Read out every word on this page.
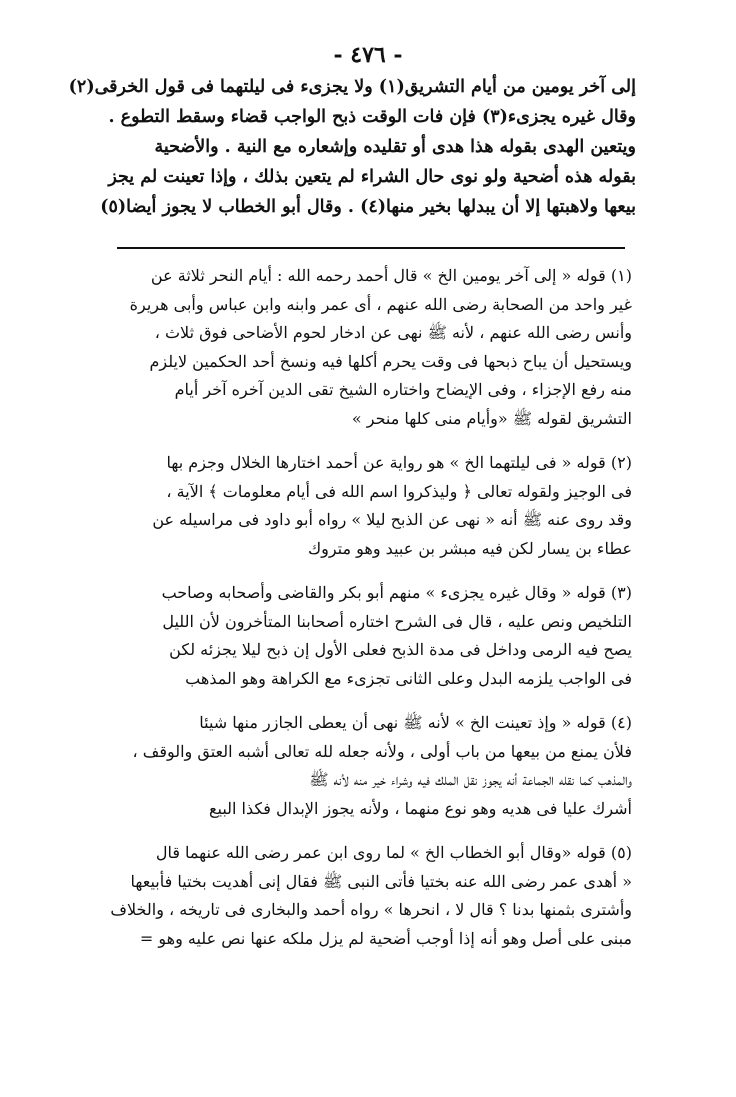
- ٤٧٦ -
إلى آخر يومين من أيام التشريق(١) ولا يجزىء فى ليلتهما فى قول الخرقى(٢)
وقال غيره يجزىء(٣) فإن فات الوقت ذبح الواجب قضاء وسقط التطوع .
ويتعين الهدى بقوله هذا هدى أو تقليده وإشعاره مع النية . والأضحية
بقوله هذه أضحية ولو نوى حال الشراء لم يتعين بذلك ، وإذا تعينت لم يجز
بيعها ولاهبتها إلا أن يبدلها بخير منها(٤) . وقال أبو الخطاب لا يجوز أيضا(٥)
(١) قوله « إلى آخر يومين الخ » قال أحمد رحمه الله : أيام النحر ثلاثة عن
غير واحد من الصحابة رضى الله عنهم ، أى عمر وابنه وابن عباس وأبى هريرة
وأنس رضى الله عنهم ، لأنه ﷺ نهى عن ادخار لحوم الأضاحى فوق ثلاث ،
ويستحيل أن يباح ذبحها فى وقت يحرم أكلها فيه ونسخ أحد الحكمين لايلزم
منه رفع الإجزاء ، وفى الإيضاح واختاره الشيخ تقى الدين آخره آخر أيام
التشريق لقوله ﷺ «وأيام منى كلها منحر »
(٢) قوله « فى ليلتهما الخ » هو رواية عن أحمد اختارها الخلال وجزم بها
فى الوجيز ولقوله تعالى ﴿ وليذكروا اسم الله فى أيام معلومات ﴾ الآية ،
وقد روى عنه ﷺ أنه « نهى عن الذبح ليلا » رواه أبو داود فى مراسيله عن
عطاء بن يسار لكن فيه مبشر بن عبيد وهو متروك
(٣) قوله « وقال غيره يجزىء » منهم أبو بكر والقاضى وأصحابه وصاحب
التلخيص ونص عليه ، قال فى الشرح اختاره أصحابنا المتأخرون لأن الليل
يصح فيه الرمى وداخل فى مدة الذبح فعلى الأول إن ذبح ليلا يجزئه لكن
فى الواجب يلزمه البدل وعلى الثانى تجزىء مع الكراهة وهو المذهب
(٤) قوله « وإذ تعينت الخ » لأنه ﷺ نهى أن يعطى الجازر منها شيئا
فلأن يمنع من بيعها من باب أولى ، ولأنه جعله لله تعالى أشبه العتق والوقف ،
والمذهب كما نقله الجماعة أنه يجوز نقل الملك فيه وشراء خير منه لأنه ﷺ
أشرك عليا فى هديه وهو نوع منهما ، ولأنه يجوز الإبدال فكذا البيع
(٥) قوله «وقال أبو الخطاب الخ » لما روى ابن عمر رضى الله عنهما قال
« أهدى عمر رضى الله عنه بختيا فأتى النبى ﷺ فقال إنى أهديت بختيا فأبيعها
وأشترى بثمنها بدنا ؟ قال لا ، انحرها » رواه أحمد والبخارى فى تاريخه ، والخلاف
مبنى على أصل وهو أنه إذا أوجب أضحية لم يزل ملكه عنها نص عليه وهو =
